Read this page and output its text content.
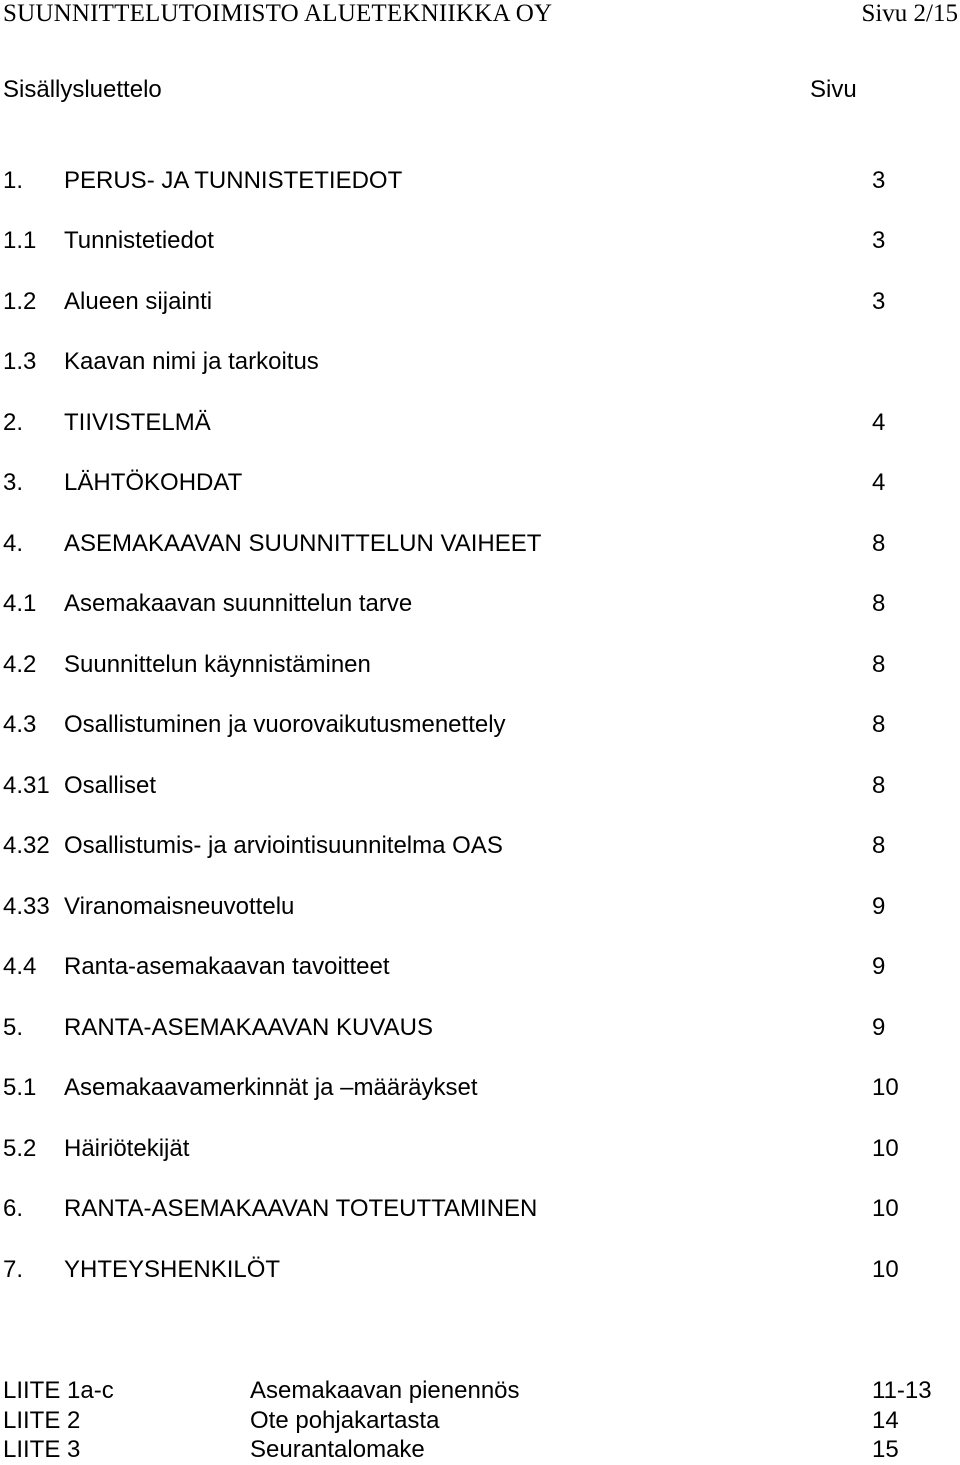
SUUNNITTELUTOIMISTO ALUETEKNIIKKA OY	Sivu 2/15
Sisällysluettelo	Sivu
1. PERUS- JA TUNNISTETIEDOT	3
1.1 Tunnistetiedot	3
1.2 Alueen sijainti	3
1.3 Kaavan nimi ja tarkoitus
2. TIIVISTELMÄ	4
3. LÄHTÖKOHDAT	4
4. ASEMAKAAVAN SUUNNITTELUN VAIHEET	8
4.1 Asemakaavan suunnittelun tarve	8
4.2 Suunnittelun käynnistäminen	8
4.3 Osallistuminen ja vuorovaikutusmenettely	8
4.31 Osalliset	8
4.32 Osallistumis- ja arviointisuunnitelma OAS	8
4.33 Viranomaisneuvottelu	9
4.4 Ranta-asemakaavan tavoitteet	9
5. RANTA-ASEMAKAAVAN KUVAUS	9
5.1 Asemakaavamerkinnät ja –määräykset	10
5.2 Häiriötekijät	10
6. RANTA-ASEMAKAAVAN TOTEUTTAMINEN	10
7. YHTEYSHENKILÖT	10
LIITE 1a-c	Asemakaavan pienennös	11-13
LIITE 2	Ote pohjakartasta	14
LIITE 3	Seurantalomake	15
